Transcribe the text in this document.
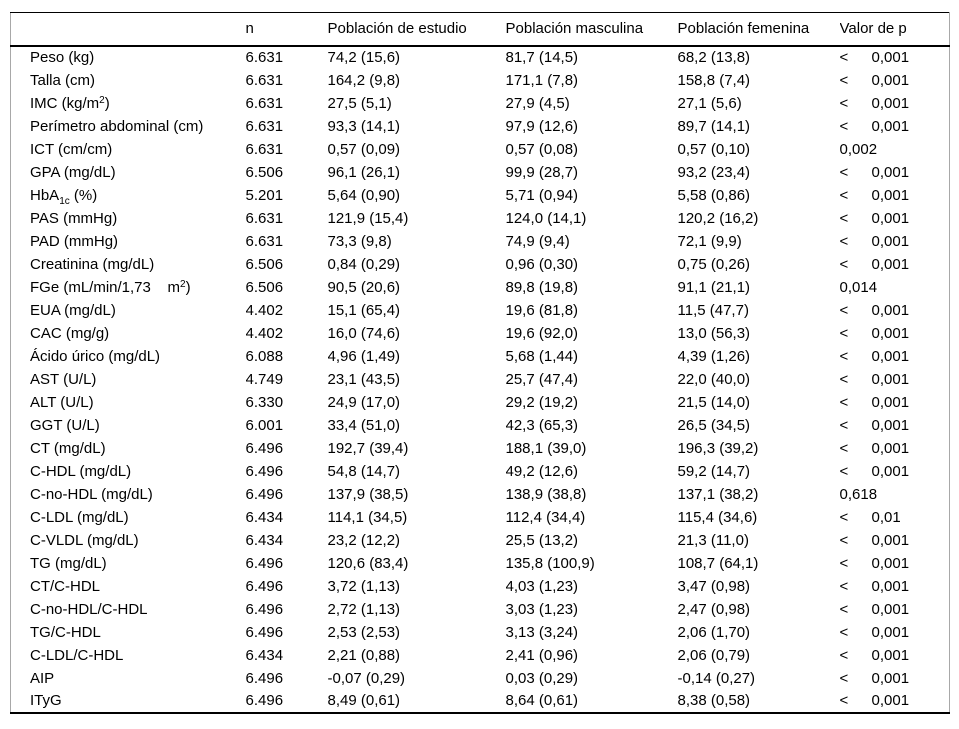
	n	Población de estudio	Población masculina	Población femenina	Valor de p
Peso (kg)	6.631	74,2 (15,6)	81,7 (14,5)	68,2 (13,8)	< 0,001
Talla (cm)	6.631	164,2 (9,8)	171,1 (7,8)	158,8 (7,4)	< 0,001
IMC $(kg/m^2)$	6.631	27,5 (5,1)	27,9 (4,5)	27,1 (5,6)	< 0,001
Perímetro abdominal (cm)	6.631	93,3 (14,1)	97,9 (12,6)	89,7 (14,1)	< 0,001
ICT (cm/cm)	6.631	0,57 (0,09)	0,57 (0,08)	0,57 (0,10)	0,002
GPA (mg/dL)	6.506	96,1 (26,1)	99,9 (28,7)	93,2 (23,4)	< 0,001
HbA$_{1c}$ (%)	5.201	5,64 (0,90)	5,71 (0,94)	5,58 (0,86)	< 0,001
PAS (mmHg)	6.631	121,9 (15,4)	124,0 (14,1)	120,2 (16,2)	< 0,001
PAD (mmHg)	6.631	73,3 (9,8)	74,9 (9,4)	72,1 (9,9)	< 0,001
Creatinina (mg/dL)	6.506	0,84 (0,29)	0,96 (0,30)	0,75 (0,26)	< 0,001
FGe (mL/min/1,73    $m^2$)	6.506	90,5 (20,6)	89,8 (19,8)	91,1 (21,1)	0,014
EUA (mg/dL)	4.402	15,1 (65,4)	19,6 (81,8)	11,5 (47,7)	< 0,001
CAC (mg/g)	4.402	16,0 (74,6)	19,6 (92,0)	13,0 (56,3)	< 0,001
Ácido úrico (mg/dL)	6.088	4,96 (1,49)	5,68 (1,44)	4,39 (1,26)	< 0,001
AST (U/L)	4.749	23,1 (43,5)	25,7 (47,4)	22,0 (40,0)	< 0,001
ALT (U/L)	6.330	24,9 (17,0)	29,2 (19,2)	21,5 (14,0)	< 0,001
GGT (U/L)	6.001	33,4 (51,0)	42,3 (65,3)	26,5 (34,5)	< 0,001
CT (mg/dL)	6.496	192,7 (39,4)	188,1 (39,0)	196,3 (39,2)	< 0,001
C-HDL (mg/dL)	6.496	54,8 (14,7)	49,2 (12,6)	59,2 (14,7)	< 0,001
C-no-HDL (mg/dL)	6.496	137,9 (38,5)	138,9 (38,8)	137,1 (38,2)	0,618
C-LDL (mg/dL)	6.434	114,1 (34,5)	112,4 (34,4)	115,4 (34,6)	< 0,01
C-VLDL (mg/dL)	6.434	23,2 (12,2)	25,5 (13,2)	21,3 (11,0)	< 0,001
TG (mg/dL)	6.496	120,6 (83,4)	135,8 (100,9)	108,7 (64,1)	< 0,001
CT/C-HDL	6.496	3,72 (1,13)	4,03 (1,23)	3,47 (0,98)	< 0,001
C-no-HDL/C-HDL	6.496	2,72 (1,13)	3,03 (1,23)	2,47 (0,98)	< 0,001
TG/C-HDL	6.496	2,53 (2,53)	3,13 (3,24)	2,06 (1,70)	< 0,001
C-LDL/C-HDL	6.434	2,21 (0,88)	2,41 (0,96)	2,06 (0,79)	< 0,001
AIP	6.496	-0,07 (0,29)	0,03 (0,29)	-0,14 (0,27)	< 0,001
ITyG	6.496	8,49 (0,61)	8,64 (0,61)	8,38 (0,58)	< 0,001
